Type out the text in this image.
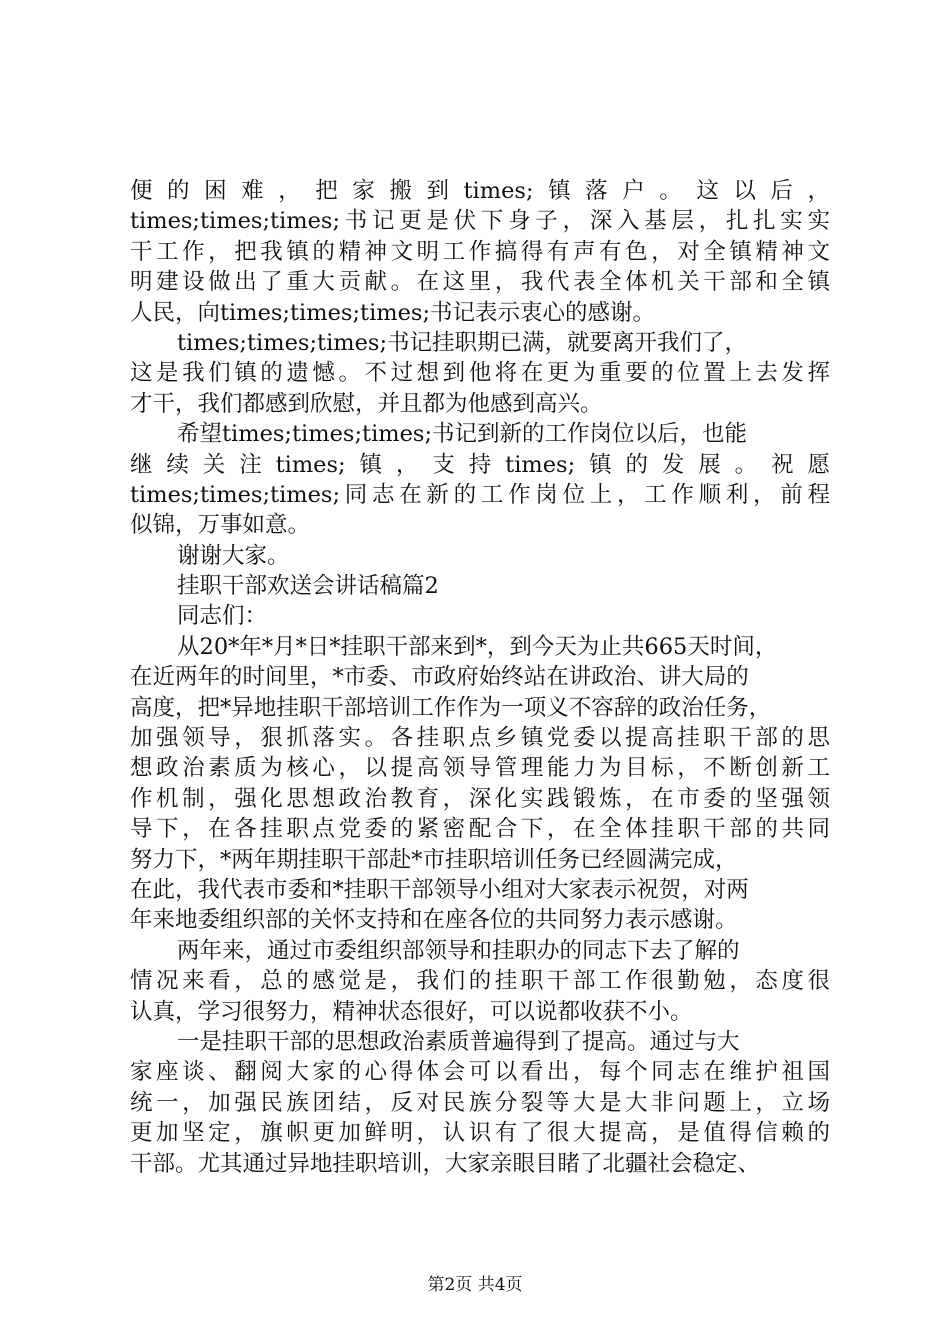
便的困难，把家搬到times;镇落户。这以后，
times;times;times;书记更是伏下身子，深入基层，扎扎实实
干工作，把我镇的精神文明工作搞得有声有色，对全镇精神文
明建设做出了重大贡献。在这里，我代表全体机关干部和全镇
人民，向times;times;times;书记表示衷心的感谢。
times;times;times;书记挂职期已满，就要离开我们了，
这是我们镇的遗憾。不过想到他将在更为重要的位置上去发挥
才干，我们都感到欣慰，并且都为他感到高兴。
希望times;times;times;书记到新的工作岗位以后，也能
继续关注times;镇，支持times;镇的发展。祝愿
times;times;times;同志在新的工作岗位上，工作顺利，前程
似锦，万事如意。
谢谢大家。
挂职干部欢送会讲话稿篇2
同志们：
从20*年*月*日*挂职干部来到*，到今天为止共665天时间，
在近两年的时间里，*市委、市政府始终站在讲政治、讲大局的
高度，把*异地挂职干部培训工作作为一项义不容辞的政治任务，
加强领导，狠抓落实。各挂职点乡镇党委以提高挂职干部的思
想政治素质为核心，以提高领导管理能力为目标，不断创新工
作机制，强化思想政治教育，深化实践锻炼，在市委的坚强领
导下，在各挂职点党委的紧密配合下，在全体挂职干部的共同
努力下，*两年期挂职干部赴*市挂职培训任务已经圆满完成，
在此，我代表市委和*挂职干部领导小组对大家表示祝贺，对两
年来地委组织部的关怀支持和在座各位的共同努力表示感谢。
两年来，通过市委组织部领导和挂职办的同志下去了解的
情况来看，总的感觉是，我们的挂职干部工作很勤勉，态度很
认真，学习很努力，精神状态很好，可以说都收获不小。
一是挂职干部的思想政治素质普遍得到了提高。通过与大
家座谈、翻阅大家的心得体会可以看出，每个同志在维护祖国
统一，加强民族团结，反对民族分裂等大是大非问题上，立场
更加坚定，旗帜更加鲜明，认识有了很大提高，是值得信赖的
干部。尤其通过异地挂职培训，大家亲眼目睹了北疆社会稳定、
第2页 共4页
